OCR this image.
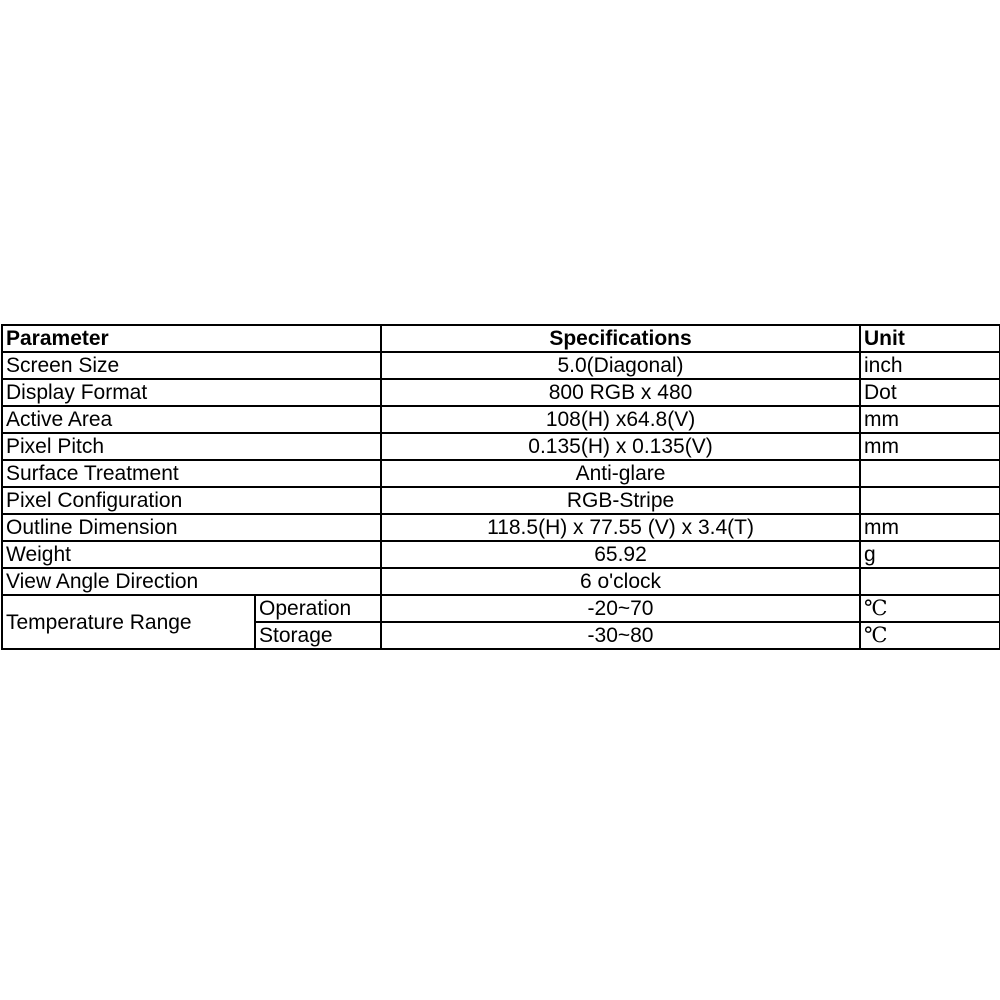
Parameter		Specifications	Unit
Screen Size		5.0(Diagonal)	inch
Display Format		800 RGB x 480	Dot
Active Area		108(H) x64.8(V)	mm
Pixel Pitch		0.135(H) x 0.135(V)	mm
Surface Treatment		Anti-glare	
Pixel Configuration		RGB-Stripe	
Outline Dimension		118.5(H) x 77.55 (V) x 3.4(T)	mm
Weight		65.92	g
View Angle Direction		6 o'clock	
Temperature Range	Operation	-20~70	℃
	Storage	-30~80	℃
